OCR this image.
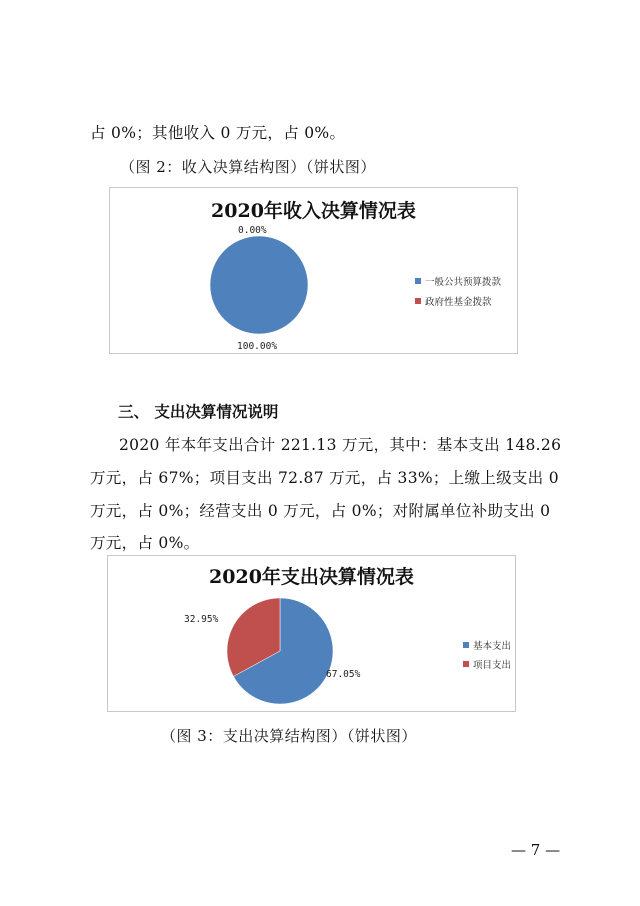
占 0%；其他收入 0 万元，占 0%。
（图 2：收入决算结构图）（饼状图）
2020年收入决算情况表
0.00%
100.00%
一般公共预算拨款
政府性基金拨款
三、 支出决算情况说明
2020 年本年支出合计 221.13 万元，其中：基本支出 148.26
万元，占 67%；项目支出 72.87 万元，占 33%；上缴上级支出 0
万元，占 0%；经营支出 0 万元，占 0%；对附属单位补助支出 0
万元，占 0%。
2020年支出决算情况表
32.95%
67.05%
基本支出
项目支出
（图 3：支出决算结构图）（饼状图）
— 7 —
